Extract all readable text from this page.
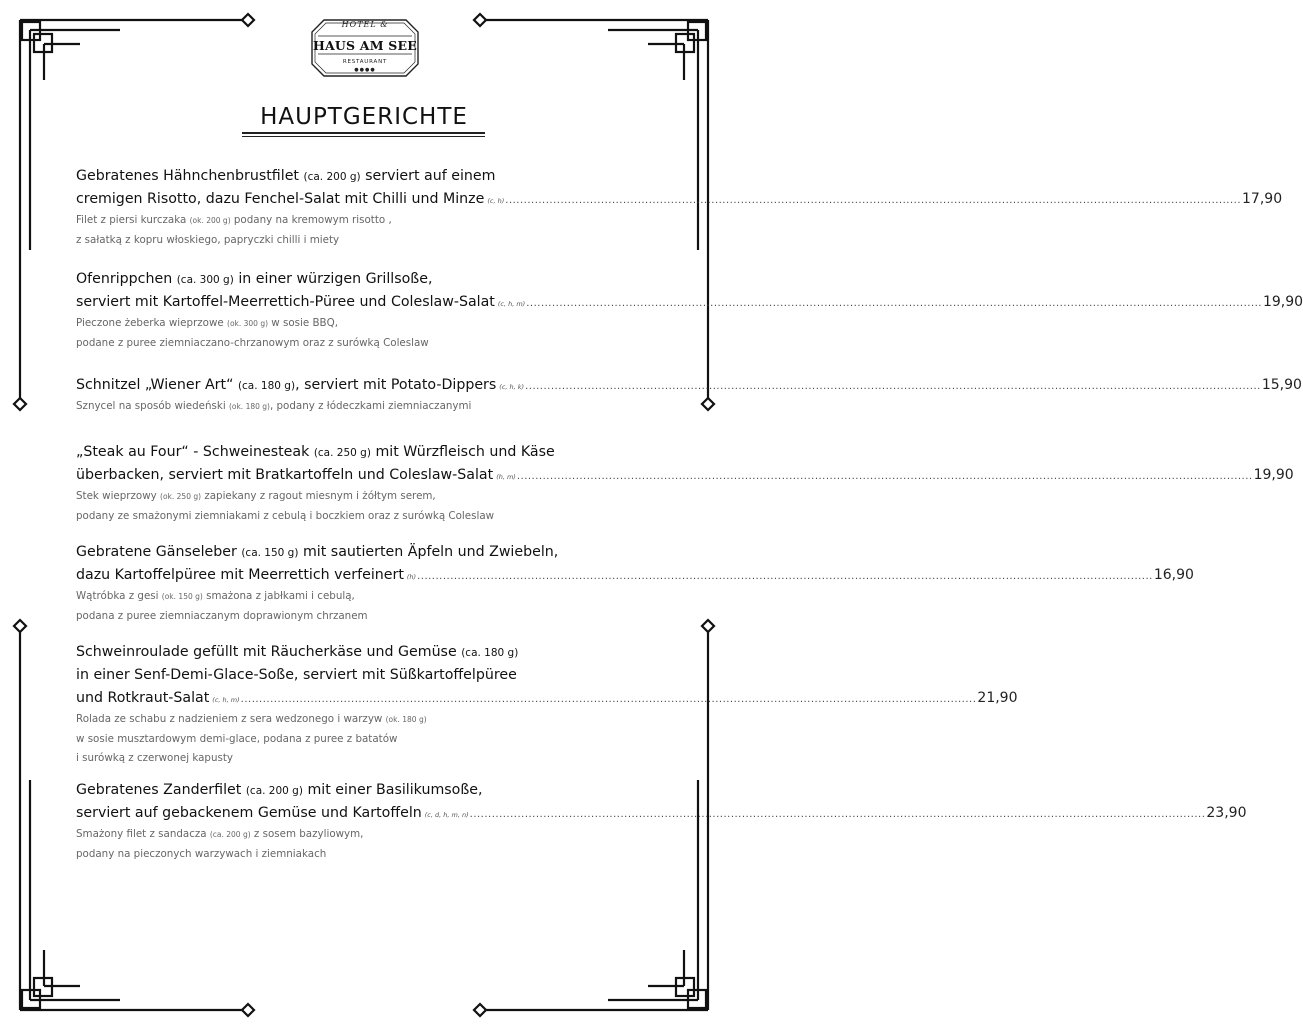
HOTEL &
HAUS AM SEE
RESTAURANT
●●●●
HAUPTGERICHTE
Gebratenes Hähnchenbrustfilet (ca. 200 g) serviert auf einem
cremigen Risotto, dazu Fenchel-Salat mit Chilli und Minze (c, h) ........................................................................................................................................................................................................ 17,90
Filet z piersi kurczaka (ok. 200 g) podany na kremowym risotto ,
z sałatką z kopru włoskiego, papryczki chilli i miety
Ofenrippchen (ca. 300 g) in einer würzigen Grillsoße,
serviert mit Kartoffel-Meerrettich-Püree und Coleslaw-Salat (c, h, m) ........................................................................................................................................................................................................ 19,90
Pieczone żeberka wieprzowe (ok. 300 g) w sosie BBQ,
podane z puree ziemniaczano-chrzanowym oraz z surówką Coleslaw
Schnitzel „Wiener Art“ (ca. 180 g), serviert mit Potato-Dippers (c, h, k) ........................................................................................................................................................................................................ 15,90
Sznycel na sposób wiedeński (ok. 180 g), podany z łódeczkami ziemniaczanymi
„Steak au Four“ - Schweinesteak (ca. 250 g) mit Würzfleisch und Käse
überbacken, serviert mit Bratkartoffeln und Coleslaw-Salat (h, m) ........................................................................................................................................................................................................ 19,90
Stek wieprzowy (ok. 250 g) zapiekany z ragout miesnym i żółtym serem,
podany ze smażonymi ziemniakami z cebulą i boczkiem oraz z surówką Coleslaw
Gebratene Gänseleber (ca. 150 g) mit sautierten Äpfeln und Zwiebeln,
dazu Kartoffelpüree mit Meerrettich verfeinert (h) ........................................................................................................................................................................................................ 16,90
Wątróbka z gesi (ok. 150 g) smażona z jabłkami i cebulą,
podana z puree ziemniaczanym doprawionym chrzanem
Schweinroulade gefüllt mit Räucherkäse und Gemüse (ca. 180 g)
in einer Senf-Demi-Glace-Soße, serviert mit Süßkartoffelpüree
und Rotkraut-Salat (c, h, m) ........................................................................................................................................................................................................ 21,90
Rolada ze schabu z nadzieniem z sera wedzonego i warzyw (ok. 180 g)
w sosie musztardowym demi-glace, podana z puree z batatów
i surówką z czerwonej kapusty
Gebratenes Zanderfilet (ca. 200 g) mit einer Basilikumsoße,
serviert auf gebackenem Gemüse und Kartoffeln (c, d, h, m, n) ........................................................................................................................................................................................................ 23,90
Smażony filet z sandacza (ca. 200 g) z sosem bazyliowym,
podany na pieczonych warzywach i ziemniakach
